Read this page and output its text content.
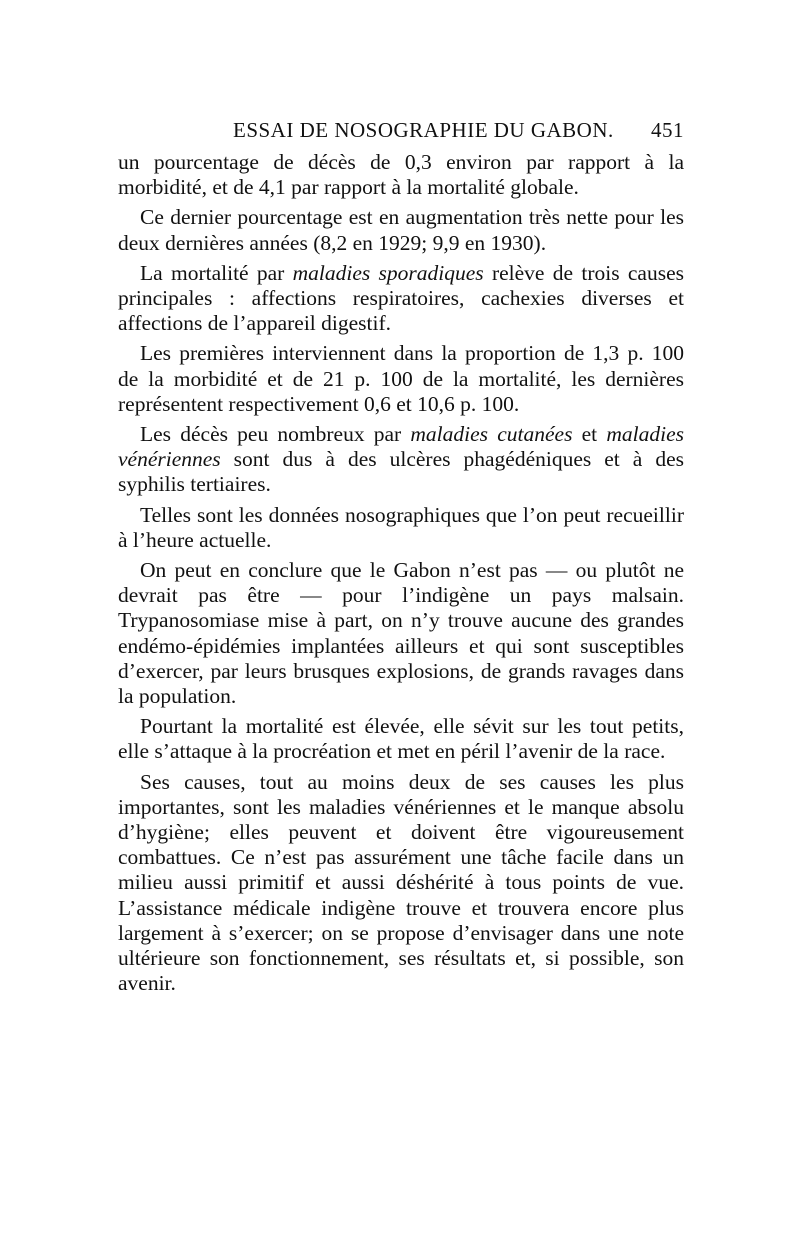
ESSAI DE NOSOGRAPHIE DU GABON. 451

un pourcentage de décès de 0,3 environ par rapport à la morbidité, et de 4,1 par rapport à la mortalité globale.

Ce dernier pourcentage est en augmentation très nette pour les deux dernières années (8,2 en 1929; 9,9 en 1930).

La mortalité par maladies sporadiques relève de trois causes principales : affections respiratoires, cachexies diverses et affections de l’appareil digestif.

Les premières interviennent dans la proportion de 1,3 p. 100 de la morbidité et de 21 p. 100 de la mortalité, les dernières représentent respectivement 0,6 et 10,6 p. 100.

Les décès peu nombreux par maladies cutanées et maladies vénériennes sont dus à des ulcères phagédéniques et à des syphilis tertiaires.

Telles sont les données nosographiques que l’on peut recueillir à l’heure actuelle.

On peut en conclure que le Gabon n’est pas — ou plutôt ne devrait pas être — pour l’indigène un pays malsain. Trypanosomiase mise à part, on n’y trouve aucune des grandes endémo-épidémies implantées ailleurs et qui sont susceptibles d’exercer, par leurs brusques explosions, de grands ravages dans la population.

Pourtant la mortalité est élevée, elle sévit sur les tout petits, elle s’attaque à la procréation et met en péril l’avenir de la race.

Ses causes, tout au moins deux de ses causes les plus importantes, sont les maladies vénériennes et le manque absolu d’hygiène; elles peuvent et doivent être vigoureusement combattues. Ce n’est pas assurément une tâche facile dans un milieu aussi primitif et aussi déshérité à tous points de vue. L’assistance médicale indigène trouve et trouvera encore plus largement à s’exercer; on se propose d’envisager dans une note ultérieure son fonctionnement, ses résultats et, si possible, son avenir.
